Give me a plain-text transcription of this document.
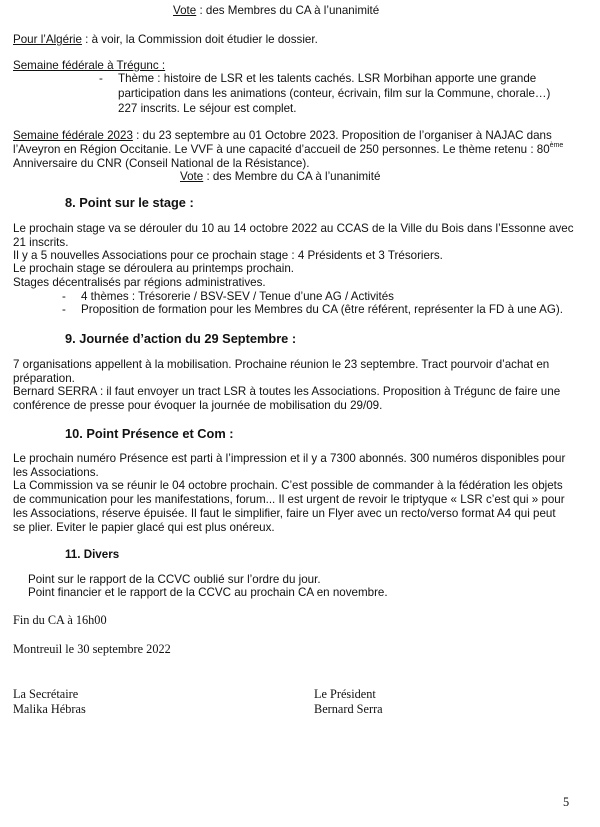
Vote : des Membres du CA à l’unanimité
Pour l’Algérie : à voir, la Commission doit étudier le dossier.
Semaine fédérale à Trégunc :
- Thème : histoire de LSR et les talents cachés. LSR Morbihan apporte une grande
participation dans les animations (conteur, écrivain, film sur la Commune, chorale…)
227 inscrits. Le séjour est complet.
Semaine fédérale 2023 : du 23 septembre au 01 Octobre 2023. Proposition de l’organiser à NAJAC dans
l’Aveyron en Région Occitanie. Le VVF à une capacité d’accueil de 250 personnes. Le thème retenu : 80ème
Anniversaire du CNR (Conseil National de la Résistance).
Vote : des Membre du CA à l’unanimité
8. Point sur le stage :
Le prochain stage va se dérouler du 10 au 14 octobre 2022 au CCAS de la Ville du Bois dans l’Essonne avec
21 inscrits.
Il y a 5 nouvelles Associations pour ce prochain stage : 4 Présidents et 3 Trésoriers.
Le prochain stage se déroulera au printemps prochain.
Stages décentralisés par régions administratives.
- 4 thèmes : Trésorerie / BSV-SEV / Tenue d’une AG / Activités
- Proposition de formation pour les Membres du CA (être référent, représenter la FD à une AG).
9. Journée d’action du 29 Septembre :
7 organisations appellent à la mobilisation. Prochaine réunion le 23 septembre. Tract pourvoir d’achat en
préparation.
Bernard SERRA : il faut envoyer un tract LSR à toutes les Associations. Proposition à Trégunc de faire une
conférence de presse pour évoquer la journée de mobilisation du 29/09.
10. Point Présence et Com :
Le prochain numéro Présence est parti à l’impression et il y a 7300 abonnés. 300 numéros disponibles pour
les Associations.
La Commission va se réunir le 04 octobre prochain. C’est possible de commander à la fédération les objets
de communication pour les manifestations, forum... Il est urgent de revoir le triptyque « LSR c’est qui » pour
les Associations, réserve épuisée. Il faut le simplifier, faire un Flyer avec un recto/verso format A4 qui peut
se plier. Eviter le papier glacé qui est plus onéreux.
11. Divers
Point sur le rapport de la CCVC oublié sur l’ordre du jour.
Point financier et le rapport de la CCVC au prochain CA en novembre.
Fin du CA à 16h00
Montreuil le 30 septembre 2022
La Secrétaire
Malika Hébras
Le Président
Bernard Serra
5
